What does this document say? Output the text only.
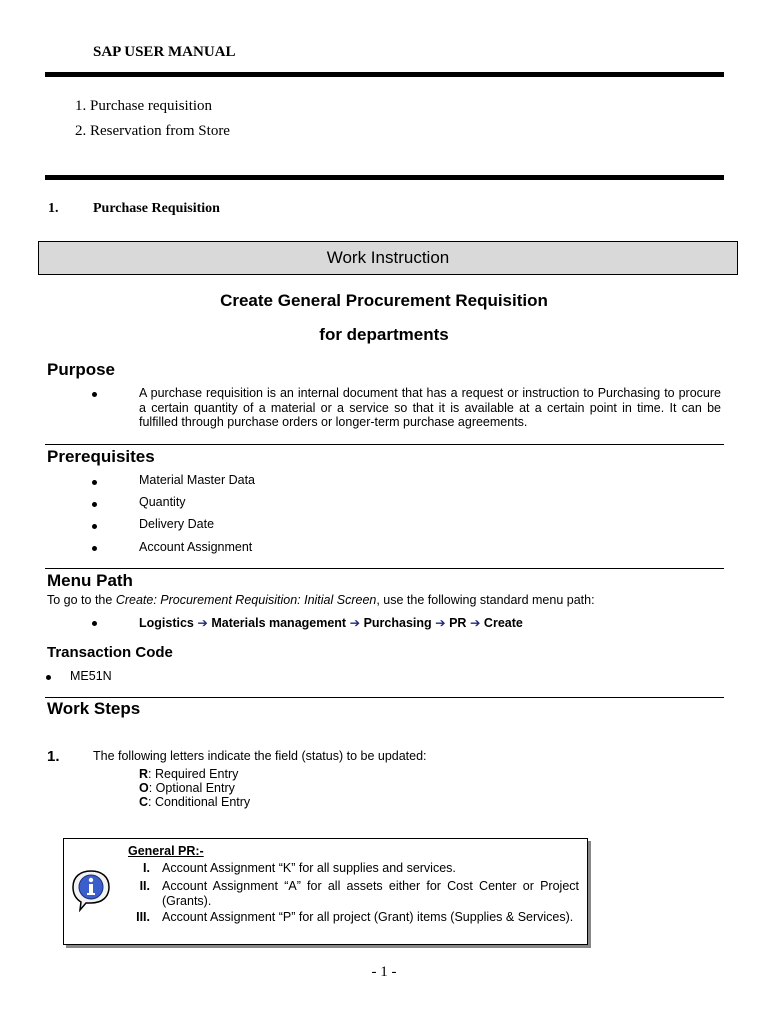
SAP USER MANUAL
1. Purchase requisition
2. Reservation from Store
1. Purchase Requisition
Work Instruction
Create General Procurement Requisition
for departments
Purpose
A purchase requisition is an internal document that has a request or instruction to Purchasing to procure a certain quantity of a material or a service so that it is available at a certain point in time. It can be fulfilled through purchase orders or longer-term purchase agreements.
Prerequisites
Material Master Data
Quantity
Delivery Date
Account Assignment
Menu Path
To go to the Create: Procurement Requisition: Initial Screen, use the following standard menu path:
Logistics ➔ Materials management ➔ Purchasing ➔ PR ➔ Create
Transaction Code
ME51N
Work Steps
1.	The following letters indicate the field (status) to be updated:
R: Required Entry
O: Optional Entry
C: Conditional Entry
General PR:-
I. Account Assignment “K” for all supplies and services.
II. Account Assignment “A” for all assets either for Cost Center or Project (Grants).
III. Account Assignment “P” for all project (Grant) items (Supplies & Services).
- 1 -
